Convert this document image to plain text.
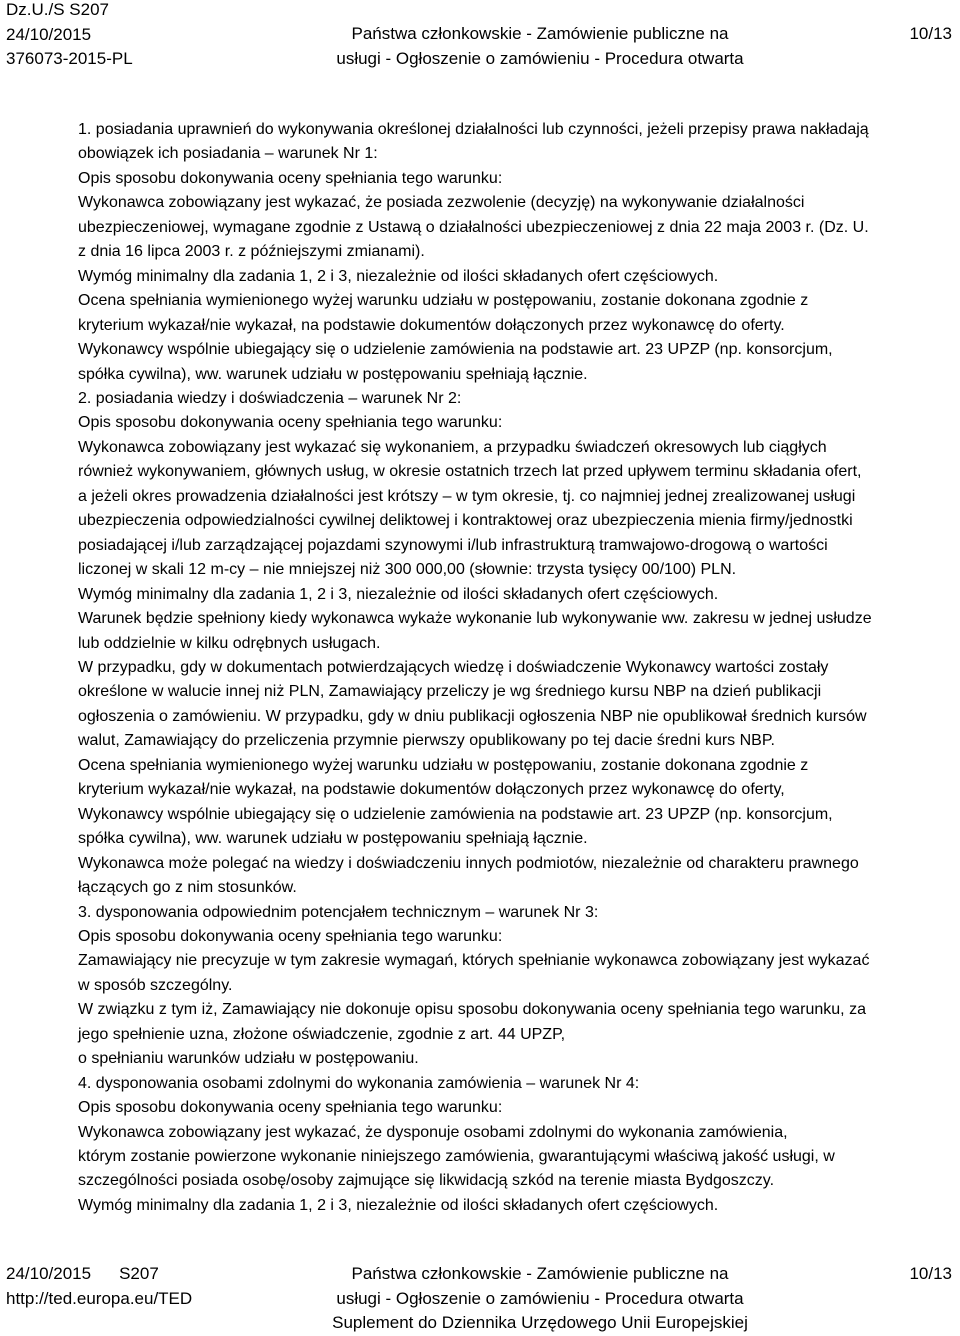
Dz.U./S S207
24/10/2015
376073-2015-PL
Państwa członkowskie - Zamówienie publiczne na
usługi - Ogłoszenie o zamówieniu - Procedura otwarta
10/13
1. posiadania uprawnień do wykonywania określonej działalności lub czynności, jeżeli przepisy prawa nakładają
obowiązek ich posiadania – warunek Nr 1:
Opis sposobu dokonywania oceny spełniania tego warunku:
Wykonawca zobowiązany jest wykazać, że posiada zezwolenie (decyzję) na wykonywanie działalności
ubezpieczeniowej, wymagane zgodnie z Ustawą o działalności ubezpieczeniowej z dnia 22 maja 2003 r. (Dz. U.
z dnia 16 lipca 2003 r. z późniejszymi zmianami).
Wymóg minimalny dla zadania 1, 2 i 3, niezależnie od ilości składanych ofert częściowych.
Ocena spełniania wymienionego wyżej warunku udziału w postępowaniu, zostanie dokonana zgodnie z
kryterium wykazał/nie wykazał, na podstawie dokumentów dołączonych przez wykonawcę do oferty.
Wykonawcy wspólnie ubiegający się o udzielenie zamówienia na podstawie art. 23 UPZP (np. konsorcjum,
spółka cywilna), ww. warunek udziału w postępowaniu spełniają łącznie.
2. posiadania wiedzy i doświadczenia – warunek Nr 2:
Opis sposobu dokonywania oceny spełniania tego warunku:
Wykonawca zobowiązany jest wykazać się wykonaniem, a przypadku świadczeń okresowych lub ciągłych
również wykonywaniem, głównych usług, w okresie ostatnich trzech lat przed upływem terminu składania ofert,
a jeżeli okres prowadzenia działalności jest krótszy – w tym okresie, tj. co najmniej jednej zrealizowanej usługi
ubezpieczenia odpowiedzialności cywilnej deliktowej i kontraktowej oraz ubezpieczenia mienia firmy/jednostki
posiadającej i/lub zarządzającej pojazdami szynowymi i/lub infrastrukturą tramwajowo-drogową o wartości
liczonej w skali 12 m-cy – nie mniejszej niż 300 000,00 (słownie: trzysta tysięcy 00/100) PLN.
Wymóg minimalny dla zadania 1, 2 i 3, niezależnie od ilości składanych ofert częściowych.
Warunek będzie spełniony kiedy wykonawca wykaże wykonanie lub wykonywanie ww. zakresu w jednej usłudze
lub oddzielnie w kilku odrębnych usługach.
W przypadku, gdy w dokumentach potwierdzających wiedzę i doświadczenie Wykonawcy wartości zostały
określone w walucie innej niż PLN, Zamawiający przeliczy je wg średniego kursu NBP na dzień publikacji
ogłoszenia o zamówieniu. W przypadku, gdy w dniu publikacji ogłoszenia NBP nie opublikował średnich kursów
walut, Zamawiający do przeliczenia przymnie pierwszy opublikowany po tej dacie średni kurs NBP.
Ocena spełniania wymienionego wyżej warunku udziału w postępowaniu, zostanie dokonana zgodnie z
kryterium wykazał/nie wykazał, na podstawie dokumentów dołączonych przez wykonawcę do oferty,
Wykonawcy wspólnie ubiegający się o udzielenie zamówienia na podstawie art. 23 UPZP (np. konsorcjum,
spółka cywilna), ww. warunek udziału w postępowaniu spełniają łącznie.
Wykonawca może polegać na wiedzy i doświadczeniu innych podmiotów, niezależnie od charakteru prawnego
łączących go z nim stosunków.
3. dysponowania odpowiednim potencjałem technicznym – warunek Nr 3:
Opis sposobu dokonywania oceny spełniania tego warunku:
Zamawiający nie precyzuje w tym zakresie wymagań, których spełnianie wykonawca zobowiązany jest wykazać
w sposób szczególny.
W związku z tym iż, Zamawiający nie dokonuje opisu sposobu dokonywania oceny spełniania tego warunku, za
jego spełnienie uzna, złożone oświadczenie, zgodnie z art. 44 UPZP,
o spełnianiu warunków udziału w postępowaniu.
4. dysponowania osobami zdolnymi do wykonania zamówienia – warunek Nr 4:
Opis sposobu dokonywania oceny spełniania tego warunku:
Wykonawca zobowiązany jest wykazać, że dysponuje osobami zdolnymi do wykonania zamówienia,
którym zostanie powierzone wykonanie niniejszego zamówienia, gwarantującymi właściwą jakość usługi, w
szczególności posiada osobę/osoby zajmujące się likwidacją szkód na terenie miasta Bydgoszczy.
Wymóg minimalny dla zadania 1, 2 i 3, niezależnie od ilości składanych ofert częściowych.
24/10/2015 S207
http://ted.europa.eu/TED
Państwa członkowskie - Zamówienie publiczne na
usługi - Ogłoszenie o zamówieniu - Procedura otwarta
Suplement do Dziennika Urzędowego Unii Europejskiej
10/13
